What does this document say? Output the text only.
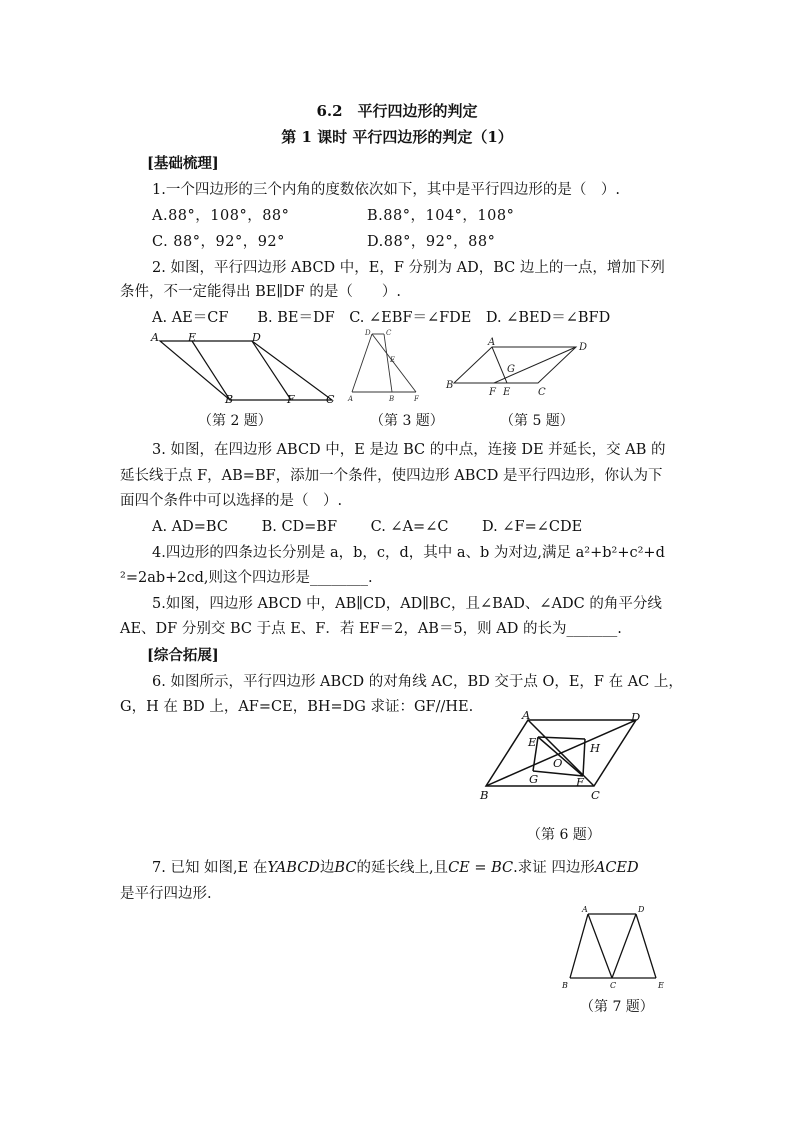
6.2　平行四边形的判定
第 1 课时 平行四边形的判定（1）
[基础梳理]
1.一个四边形的三个内角的度数依次如下，其中是平行四边形的是（　）.
A.88°，108°，88°	B.88°，104°，108°
C. 88°，92°，92°	D.88°，92°，88°
2. 如图，平行四边形 ABCD 中，E，F 分别为 AD，BC 边上的一点，增加下列
条件，不一定能得出 BE∥DF 的是（　　）.
A. AE＝CF　　B. BE＝DF　C. ∠EBF＝∠FDE　D. ∠BED＝∠BFD
A	E	D
B	F	C
D C
E
A	B	F
A	D
G
B
F E	C
（第 2 题）	（第 3 题）	（第 5 题）
3. 如图，在四边形 ABCD 中，E 是边 BC 的中点，连接 DE 并延长，交 AB 的
延长线于点 F，AB=BF，添加一个条件，使四边形 ABCD 是平行四边形，你认为下
面四个条件中可以选择的是（　）.
A. AD=BC　　 B. CD=BF　　 C. ∠A=∠C　　 D. ∠F=∠CDE
4.四边形的四条边长分别是 a，b，c，d，其中 a、b 为对边,满足 a²+b²+c²+d
²=2ab+2cd,则这个四边形是________.
5.如图，四边形 ABCD 中，AB∥CD，AD∥BC，且∠BAD、∠ADC 的角平分线
AE、DF 分别交 BC 于点 E、F．若 EF＝2，AB＝5，则 AD 的长为_______.
[综合拓展]
6. 如图所示，平行四边形 ABCD 的对角线 AC，BD 交于点 O，E，F 在 AC 上，
G，H 在 BD 上，AF=CE，BH=DG 求证：GF//HE.	A	D
E	H
O
G	F
B	C
（第 6 题）
7. 已知 如图,E 在YABCD边BC的延长线上,且CE = BC.求证 四边形ACED
是平行四边形.
A	D
B	C	E
（第 7 题）
